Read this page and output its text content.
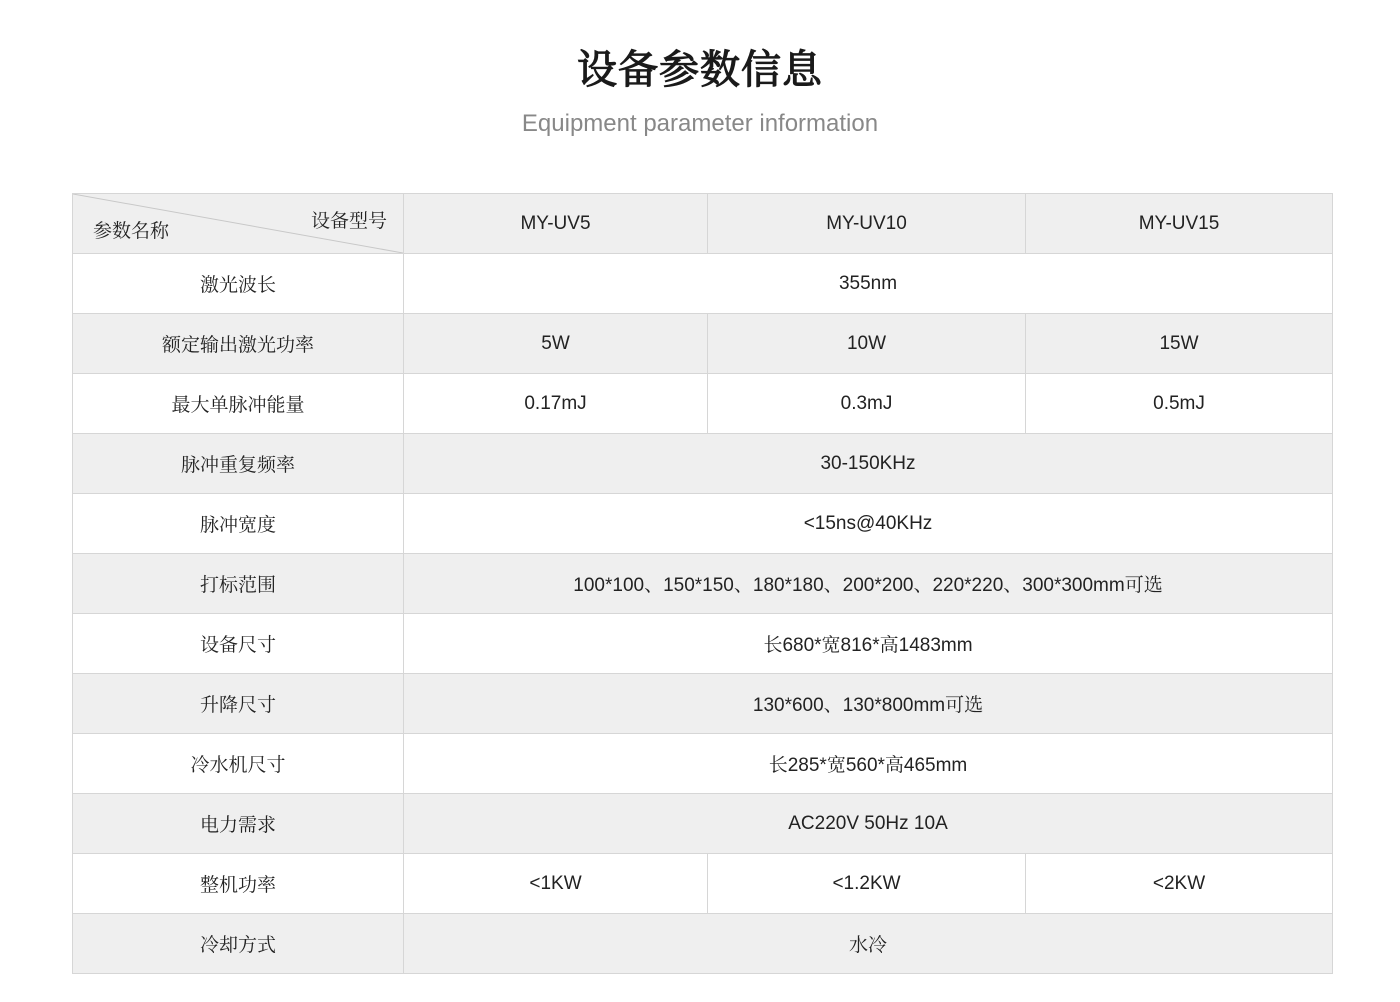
设备参数信息
Equipment parameter information
设备型号
参数名称	MY-UV5	MY-UV10	MY-UV15
激光波长	355nm		
额定输出激光功率	5W	10W	15W
最大单脉冲能量	0.17mJ	0.3mJ	0.5mJ
脉冲重复频率	30-150KHz		
脉冲宽度	<15ns@40KHz		
打标范围	100*100、150*150、180*180、200*200、220*220、300*300mm可选		
设备尺寸	长680*宽816*高1483mm		
升降尺寸	130*600、130*800mm可选		
冷水机尺寸	长285*宽560*高465mm		
电力需求	AC220V 50Hz 10A		
整机功率	<1KW	<1.2KW	<2KW
冷却方式	水冷		
